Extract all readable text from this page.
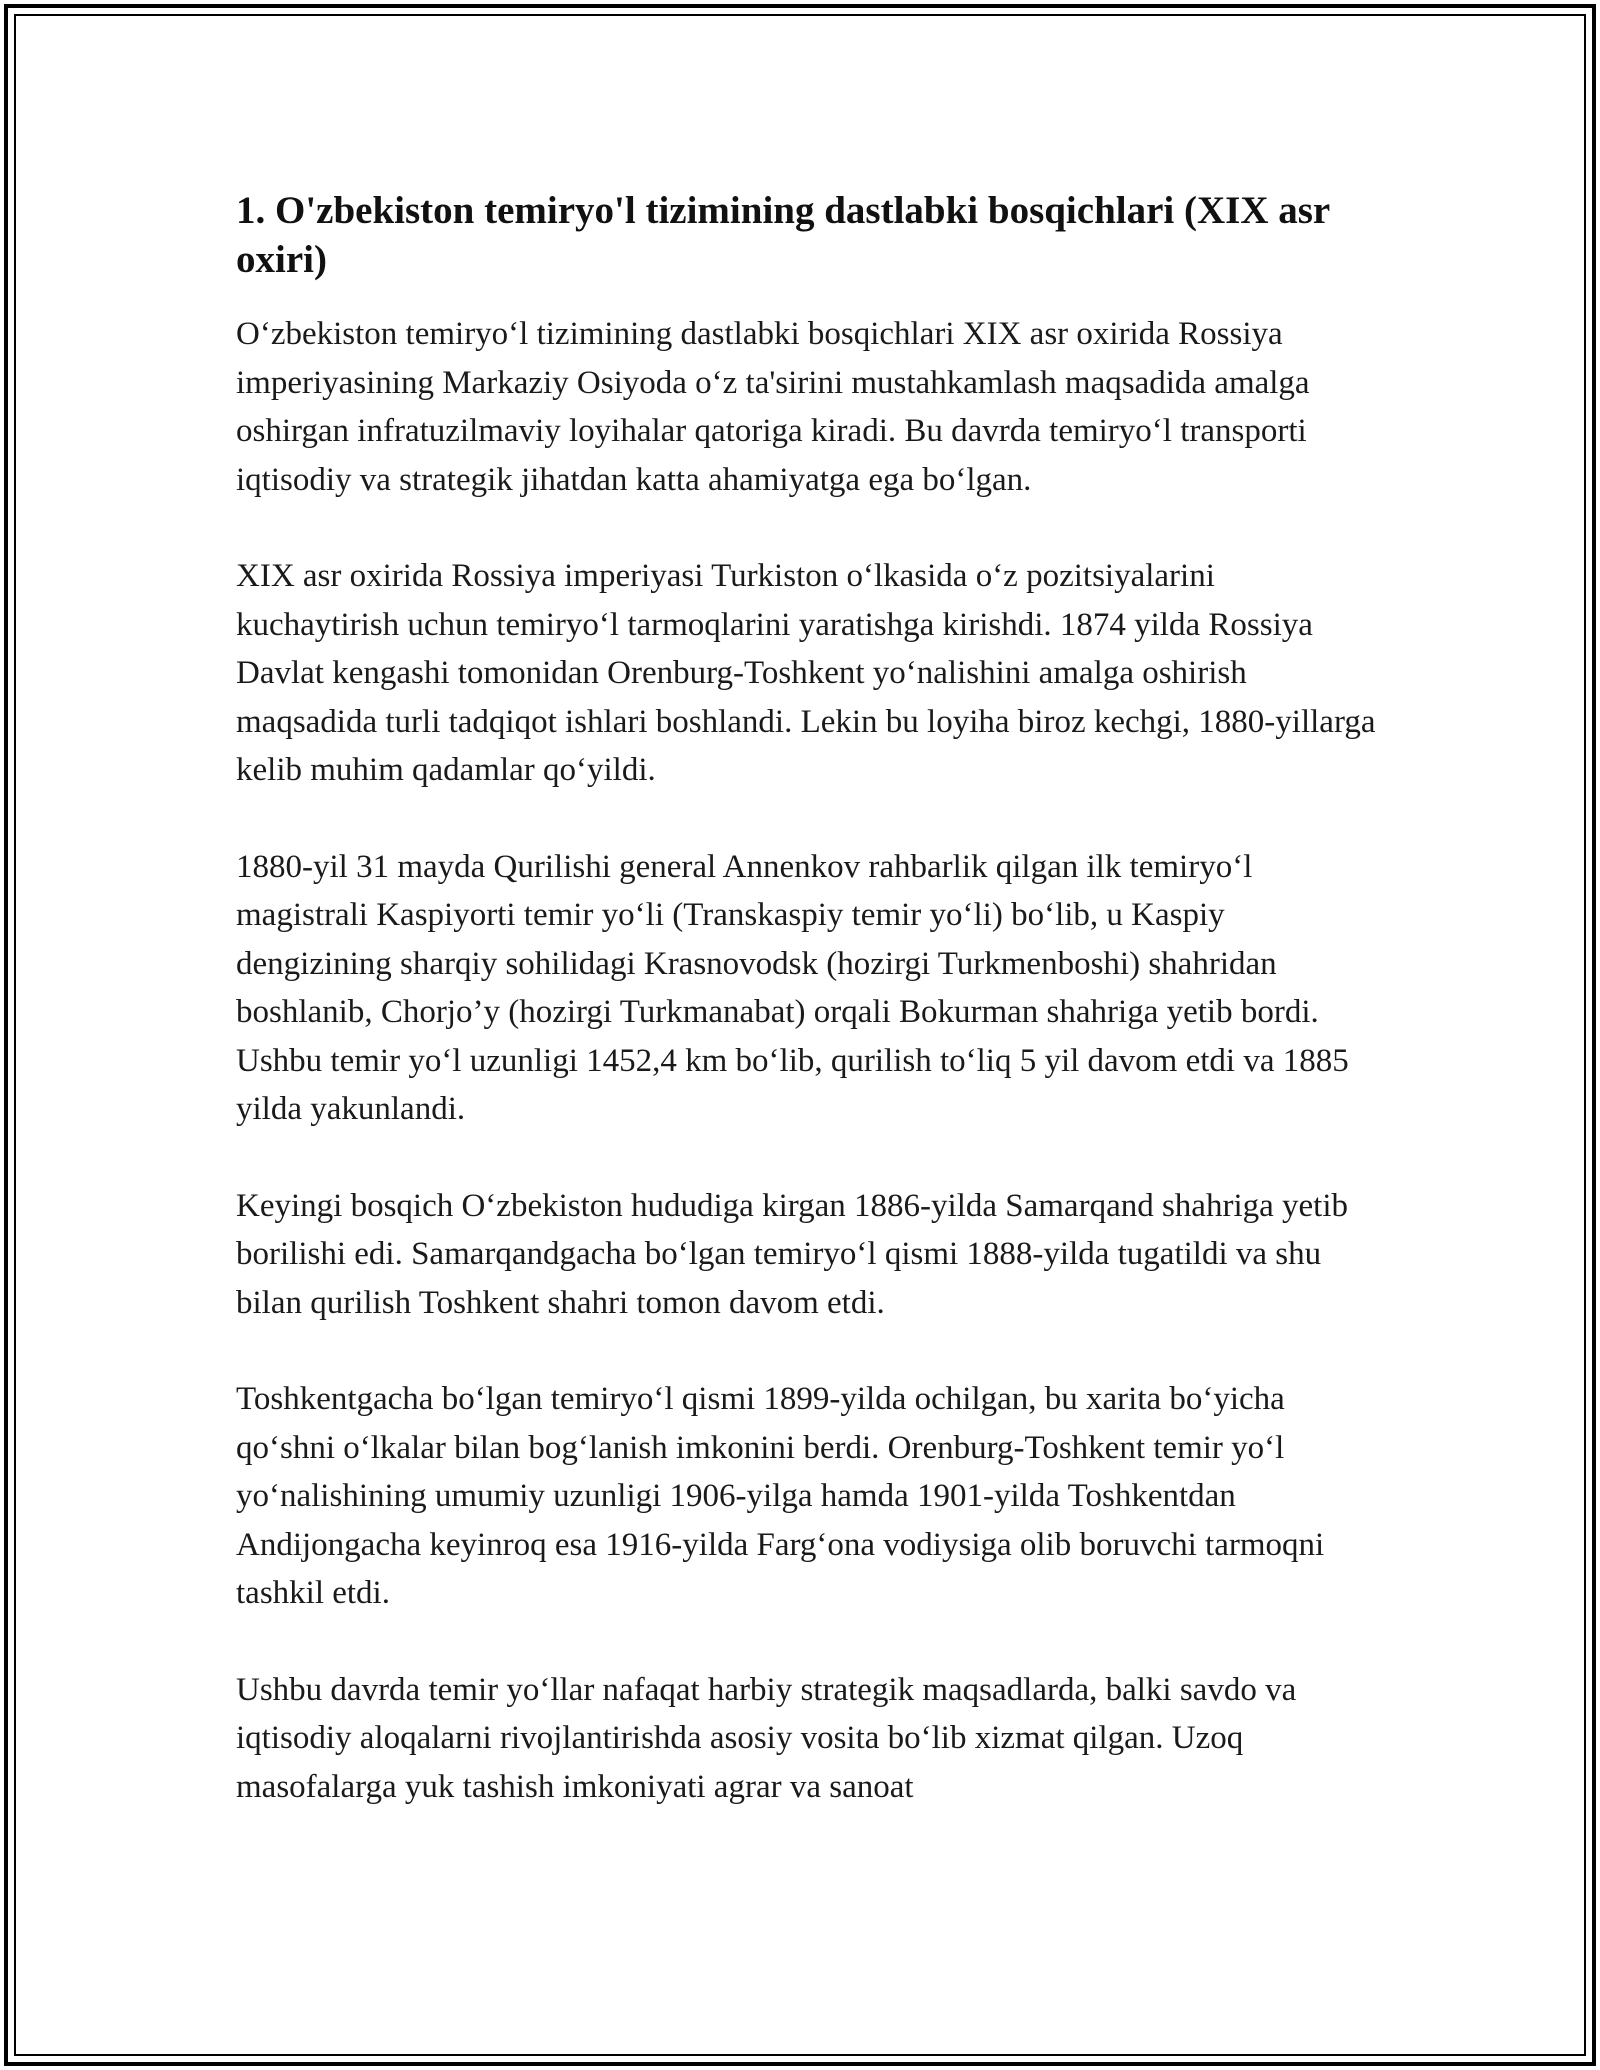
1. O'zbekiston temiryo'l tizimining dastlabki bosqichlari (XIX asr oxiri)

O‘zbekiston temiryo‘l tizimining dastlabki bosqichlari XIX asr oxirida Rossiya imperiyasining Markaziy Osiyoda o‘z ta'sirini mustahkamlash maqsadida amalga oshirgan infratuzilmaviy loyihalar qatoriga kiradi. Bu davrda temiryo‘l transporti iqtisodiy va strategik jihatdan katta ahamiyatga ega bo‘lgan.

XIX asr oxirida Rossiya imperiyasi Turkiston o‘lkasida o‘z pozitsiyalarini kuchaytirish uchun temiryo‘l tarmoqlarini yaratishga kirishdi. 1874 yilda Rossiya Davlat kengashi tomonidan Orenburg-Toshkent yo‘nalishini amalga oshirish maqsadida turli tadqiqot ishlari boshlandi. Lekin bu loyiha biroz kechgi, 1880-yillarga kelib muhim qadamlar qo‘yildi.

1880-yil 31 mayda Qurilishi general Annenkov rahbarlik qilgan ilk temiryo‘l magistrali Kaspiyorti temir yo‘li (Transkaspiy temir yo‘li) bo‘lib, u Kaspiy dengizining sharqiy sohilidagi Krasnovodsk (hozirgi Turkmenboshi) shahridan boshlanib, Chorjo’y (hozirgi Turkmanabat) orqali Bokurman shahriga yetib bordi. Ushbu temir yo‘l uzunligi 1452,4 km bo‘lib, qurilish to‘liq 5 yil davom etdi va 1885 yilda yakunlandi.

Keyingi bosqich O‘zbekiston hududiga kirgan 1886-yilda Samarqand shahriga yetib borilishi edi. Samarqandgacha bo‘lgan temiryo‘l qismi 1888-yilda tugatildi va shu bilan qurilish Toshkent shahri tomon davom etdi.

Toshkentgacha bo‘lgan temiryo‘l qismi 1899-yilda ochilgan, bu xarita bo‘yicha qo‘shni o‘lkalar bilan bog‘lanish imkonini berdi. Orenburg-Toshkent temir yo‘l yo‘nalishining umumiy uzunligi 1906-yilga hamda 1901-yilda Toshkentdan Andijongacha keyinroq esa 1916-yilda Farg‘ona vodiysiga olib boruvchi tarmoqni tashkil etdi.

Ushbu davrda temir yo‘llar nafaqat harbiy strategik maqsadlarda, balki savdo va iqtisodiy aloqalarni rivojlantirishda asosiy vosita bo‘lib xizmat qilgan. Uzoq masofalarga yuk tashish imkoniyati agrar va sanoat
